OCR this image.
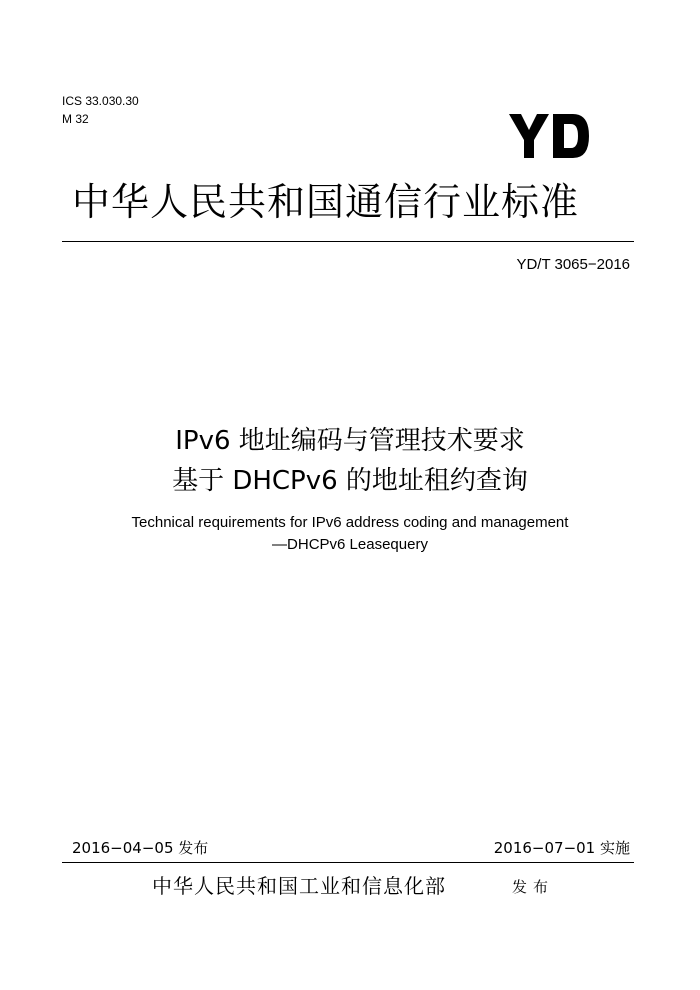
ICS 33.030.30
M 32
YD
中华人民共和国通信行业标准
YD/T 3065−2016
IPv6 地址编码与管理技术要求
基于 DHCPv6 的地址租约查询
Technical requirements for IPv6 address coding and management
—DHCPv6 Leasequery
2016−04−05 发布	2016−07−01 实施
中华人民共和国工业和信息化部	发布
